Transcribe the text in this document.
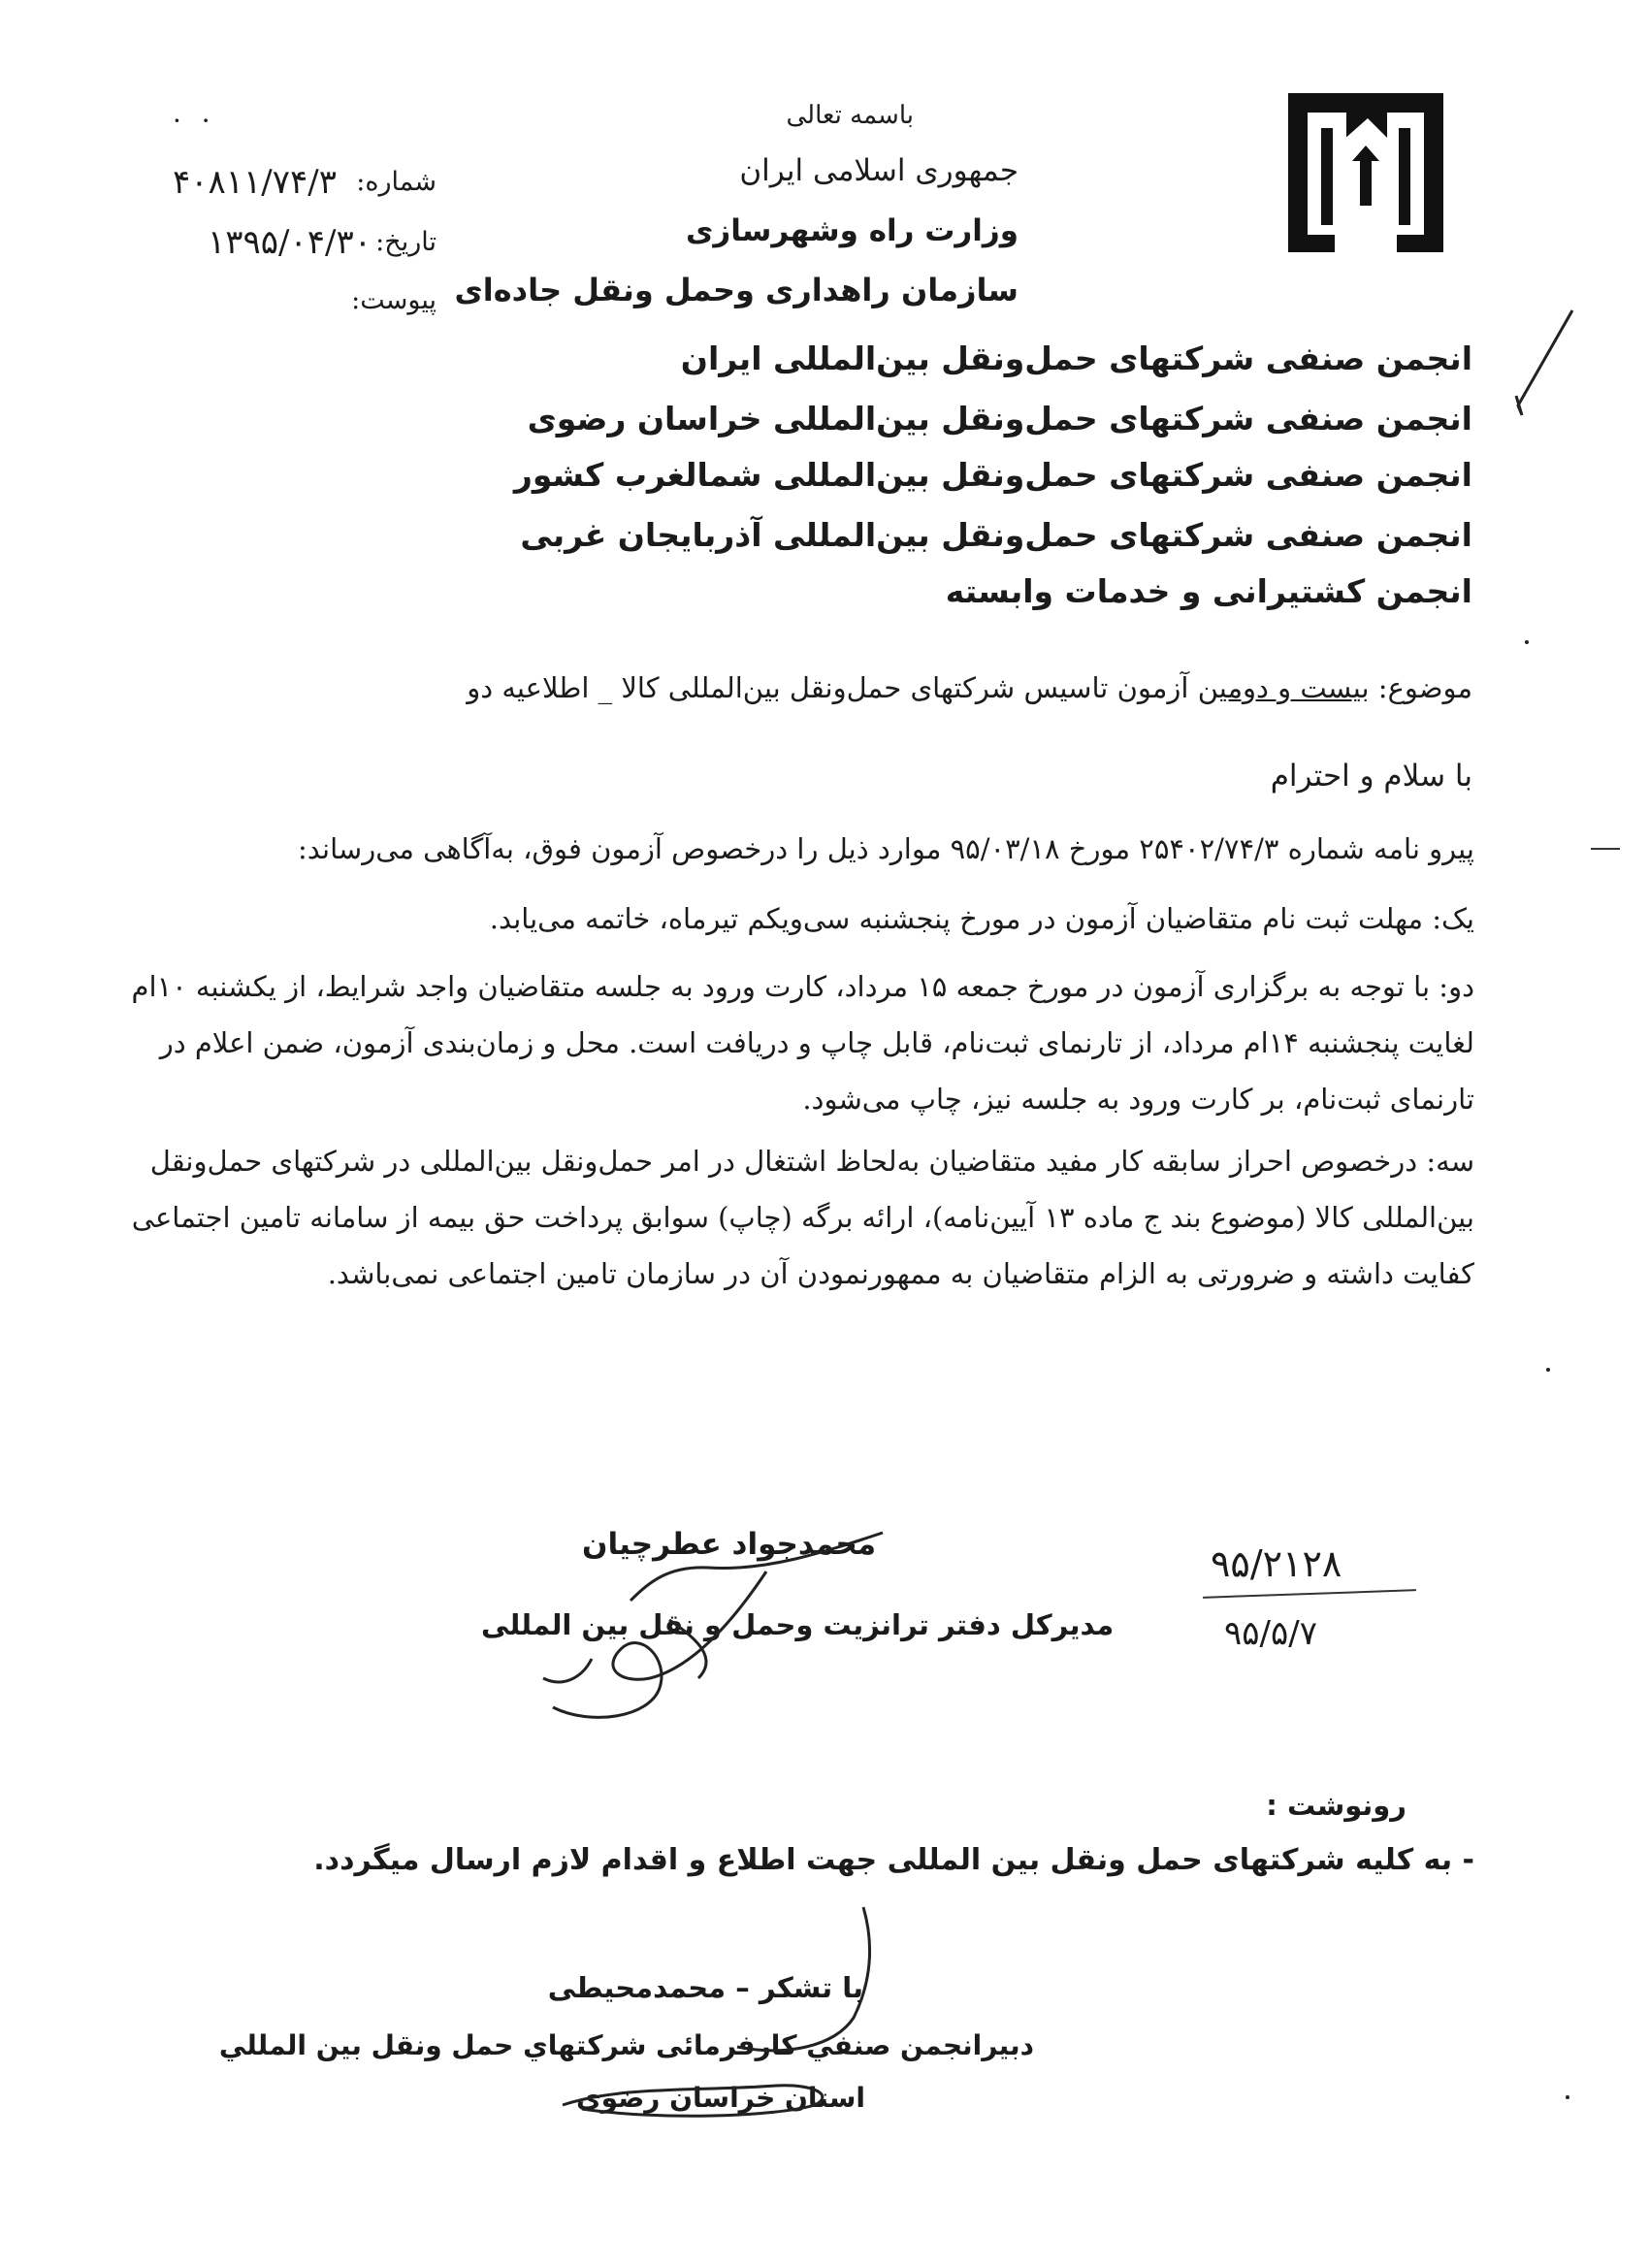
باسمه تعالی
جمهوری اسلامی ایران
وزارت راه وشهرسازی
سازمان راهداری وحمل ونقل جاده‌ای
· ·
شماره:
۴۰۸۱۱/۷۴/۳
تاریخ:
۱۳۹۵/۰۴/۳۰
پیوست:
انجمن صنفی شرکتهای حمل‌ونقل بین‌المللی ایران
انجمن صنفی شرکتهای حمل‌ونقل بین‌المللی خراسان رضوی
انجمن صنفی شرکتهای حمل‌ونقل بین‌المللی شمالغرب کشور
انجمن صنفی شرکتهای حمل‌ونقل بین‌المللی آذربایجان غربی
انجمن کشتیرانی و خدمات وابسته
موضوع: بیست و دومین آزمون تاسیس شرکتهای حمل‌ونقل بین‌المللی کالا _ اطلاعیه دو
با سلام و احترام
پیرو نامه شماره ۲۵۴۰۲/۷۴/۳ مورخ ۹۵/۰۳/۱۸ موارد ذیل را درخصوص آزمون فوق، به‌آگاهی می‌رساند:
یک: مهلت ثبت نام متقاضیان آزمون در مورخ پنجشنبه سی‌ویکم تیرماه، خاتمه می‌یابد.
دو: با توجه به برگزاری آزمون در مورخ جمعه ۱۵ مرداد، کارت ورود به جلسه متقاضیان واجد شرایط، از یکشنبه ۱۰ام لغایت پنجشنبه ۱۴ام مرداد، از تارنمای ثبت‌نام، قابل چاپ و دریافت است. محل و زمان‌بندی آزمون، ضمن اعلام در تارنمای ثبت‌نام، بر کارت ورود به جلسه نیز، چاپ می‌شود.
سه: درخصوص احراز سابقه کار مفید متقاضیان به‌لحاظ اشتغال در امر حمل‌ونقل بین‌المللی در شرکتهای حمل‌ونقل بین‌المللی کالا (موضوع بند ج ماده ۱۳ آیین‌نامه)، ارائه برگه (چاپ) سوابق پرداخت حق بیمه از سامانه تامین اجتماعی کفایت داشته و ضرورتی به الزام متقاضیان به ممهورنمودن آن در سازمان تامین اجتماعی نمی‌باشد.
محمدجواد عطرچیان
مدیرکل دفتر ترانزیت وحمل و نقل بین المللی
۹۵/۲۱۲۸
۹۵/۵/۷
رونوشت :
- به کلیه شرکتهای حمل ونقل بین المللی جهت اطلاع و اقدام لازم ارسال میگردد.
با تشکر – محمدمحیطی
دبیرانجمن صنفي کارفرمائی شرکتهاي حمل ونقل بین المللي
استان خراسان رضوی
